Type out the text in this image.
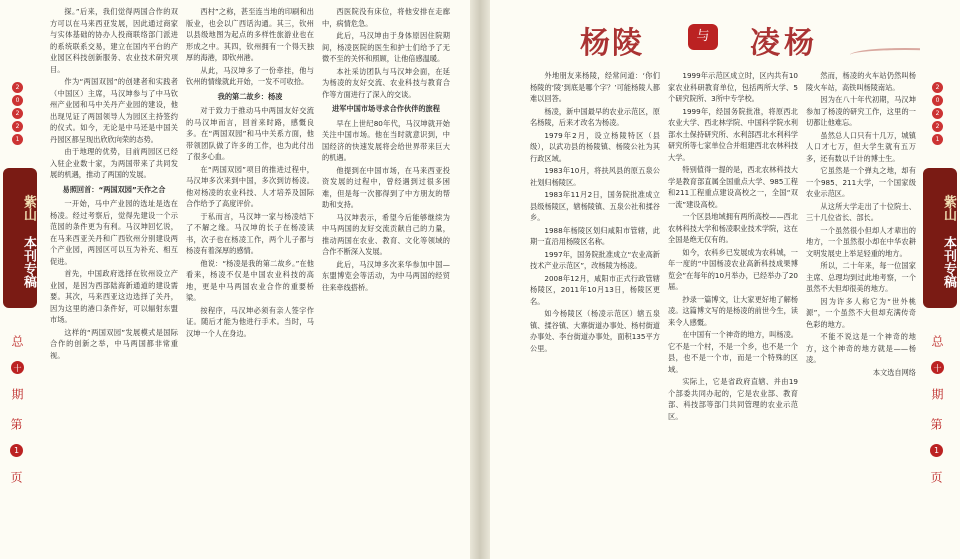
探。”后来，我们觉得两国合作的双方可以在马来西亚发展，因此通过商家与实体基础的协办人投商联络部门派进的系统联系交易，建立在国内平台的产业园区科技创新服务、农业技术研究项目。

作为“两国双园”的创建者和实践者（中国区）主席，马汉坤参与了中马钦州产业园和马中关丹产业园的建设，他出现见证了两国领导人为园区主持签约的仪式。如今，无论是中马还是中国关丹园区都呈现出欣欣向荣的态势。

由于地理的优势，目前两园区已经入驻企业数十家，为两国带来了共同发展的机遇，推动了两国的发展。

易照回首：“两国双园”天作之合

一开始，马中产业园的选址是选在杨凌。经过考察后，觉得先建设一个示范园的条件更为有利。马汉坤回忆说，在马来西亚关丹和广西钦州分别建设两个产业园，两园区可以互为补充、相互促进。

首先，中国政府选择在钦州设立产业园，是因为西部陆海新通道的建设需要。其次，马来西亚这边选择了关丹，因为这里的港口条件好，可以辐射东盟市场。

这样的“两国双园”发展模式是国际合作的创新之举，中马两国都非常重视。

西村”之称，甚至连当地的印刷和出版业，也会以广西话沟通。其三，钦州以县级地图为起点的多样性旅游业也在形成之中。其四，钦州拥有一个得天独厚的海港，即钦州港。

从此，马汉坤多了一份牵挂，他与钦州的情缘就此开始，一发不可收拾。

我的第二故乡：杨凌

对于致力于推动马中两国友好交流的马汉坤而言，回首来时路，感慨良多。在“两国双园”和马中关系方面，他带领团队做了许多的工作，也为此付出了很多心血。

在“两国双园”项目的推进过程中，马汉坤多次来到中国，多次到访杨凌。他对杨凌的农业科技、人才培养及国际合作给予了高度评价。

于私而言，马汉坤一家与杨凌结下了不解之缘。马汉坤的长子在杨凌读书，次子也在杨凌工作，两个儿子都与杨凌有着深厚的感情。

他说：“杨凌是我的第二故乡。”在他看来，杨凌不仅是中国农业科技的高地，更是中马两国农业合作的重要桥梁。

按程序，马汉坤必须有亲人签字作证。随后才能为他进行手术。当时，马汉坤一个人在身边。

西医院没有床位，将他安排在走廊中，病情危急。

此后，马汉坤由于身体原因住院期间，杨凌医院的医生和护士们给予了无微不至的关怀和照顾，让他倍感温暖。

本社采访团队与马汉坤会面，在延为杨凌的友好交流、农业科技与教育合作等方面进行了深入的交谈。

进军中国市场寻求合作伙伴的旅程

早在上世纪80年代，马汉坤就开始关注中国市场。他在当时就意识到，中国经济的快速发展将会给世界带来巨大的机遇。

他提到在中国市场，在马来西亚投资发展的过程中，曾经遇到过很多困难，但是每一次都得到了中方朋友的帮助和支持。

马汉坤表示，希望今后能够继续为中马两国的友好交流贡献自己的力量，推动两国在农业、教育、文化等领域的合作不断深入发展。

此后，马汉坤多次来华参加中国—东盟博览会等活动，为中马两国的经贸往来牵线搭桥。

2
0
2
2
1
紫山 本刊专稿
总 十 期
第 1 页
杨陵	与 凌杨

外地朋友来杨陵，经常问道：‘你们杨陵的‘陵’到底是哪个字？’可能杨陵人都难以回答。

杨凌，新中国最早的农业示范区，原名杨陵，后来才改名为杨凌。

1979年2月，设立杨陵特区（县级），以武功县的杨陵镇、杨陵公社为其行政区域。

1983年10月，将扶风县的原五泉公社划归杨陵区。

1983年11月2日，国务院批准成立县级杨陵区，辖杨陵镇、五泉公社和揉谷乡。

1988年杨陵区划归咸阳市管辖，此期一直沿用杨陵区名称。

1997年，国务院批准成立“农业高新技术产业示范区”，改杨陵为杨凌。

2008年12月，咸阳市正式行政管辖杨陵区，2011年10月13日，杨陵区更名。

如今杨陵区（杨凌示范区）辖五泉镇、揉谷镇、大寨街道办事处、杨村街道办事处、李台街道办事处，面积135平方公里。

1999年示范区成立时，区内共有10家农业科研教育单位，包括两所大学、5个研究院所、3所中专学校。

1999年，经国务院批准，将原西北农业大学、西北林学院、中国科学院水利部水土保持研究所、水利部西北水利科学研究所等七家单位合并组建西北农林科技大学。

特别值得一提的是，西北农林科技大学是教育部直属全国重点大学、985工程和211工程重点建设高校之一，全国“双一流”建设高校。

一个区县地域拥有两所高校——西北农林科技大学和杨凌职业技术学院，这在全国是绝无仅有的。

如今，农科乡已发展成为农科城，一年一度的“中国杨凌农业高新科技成果博览会”在每年的10月举办，已经举办了20届。

抄录一篇博文，让大家更好地了解杨凌。这篇博文写的是杨凌的前世今生，读来令人感慨。

在中国有一个神奇的地方，叫杨凌。它不是一个村，不是一个乡，也不是一个县，也不是一个市，而是一个特殊的区域。

实际上，它是省政府直辖、并由19个部委共同办起的，它是农业部、教育部、科技部等部门共同管理的农业示范区。

然而，杨凌的火车站仍然叫杨陵火车站，高铁叫杨陵南站。

因为在八十年代初期，马汉坤参加了杨凌的研究工作，这里的一切都让他难忘。

虽然总人口只有十几万，城镇人口才七万，但大学生就有五万多，还有数以千计的博士生。

它虽然是一个弹丸之地，却有一个985、211大学，一个国家级农业示范区。

从这所大学走出了十位院士、三十几位省长、部长。

一个虽然很小但却人才辈出的地方，一个虽然很小却在中华农耕文明发展史上举足轻重的地方。

所以，二十年来，每一位国家主席、总理均到过此地考察，一个虽然不大但却很美的地方。

因为许多人称它为“世外桃源”，一个虽然不大但却充满传奇色彩的地方。

不能不说这是一个神奇的地方，这个神奇的地方就是——杨凌。

本文选自网络

2
0
2
2
1
紫山 本刊专稿
总 十 期
第 1 页
